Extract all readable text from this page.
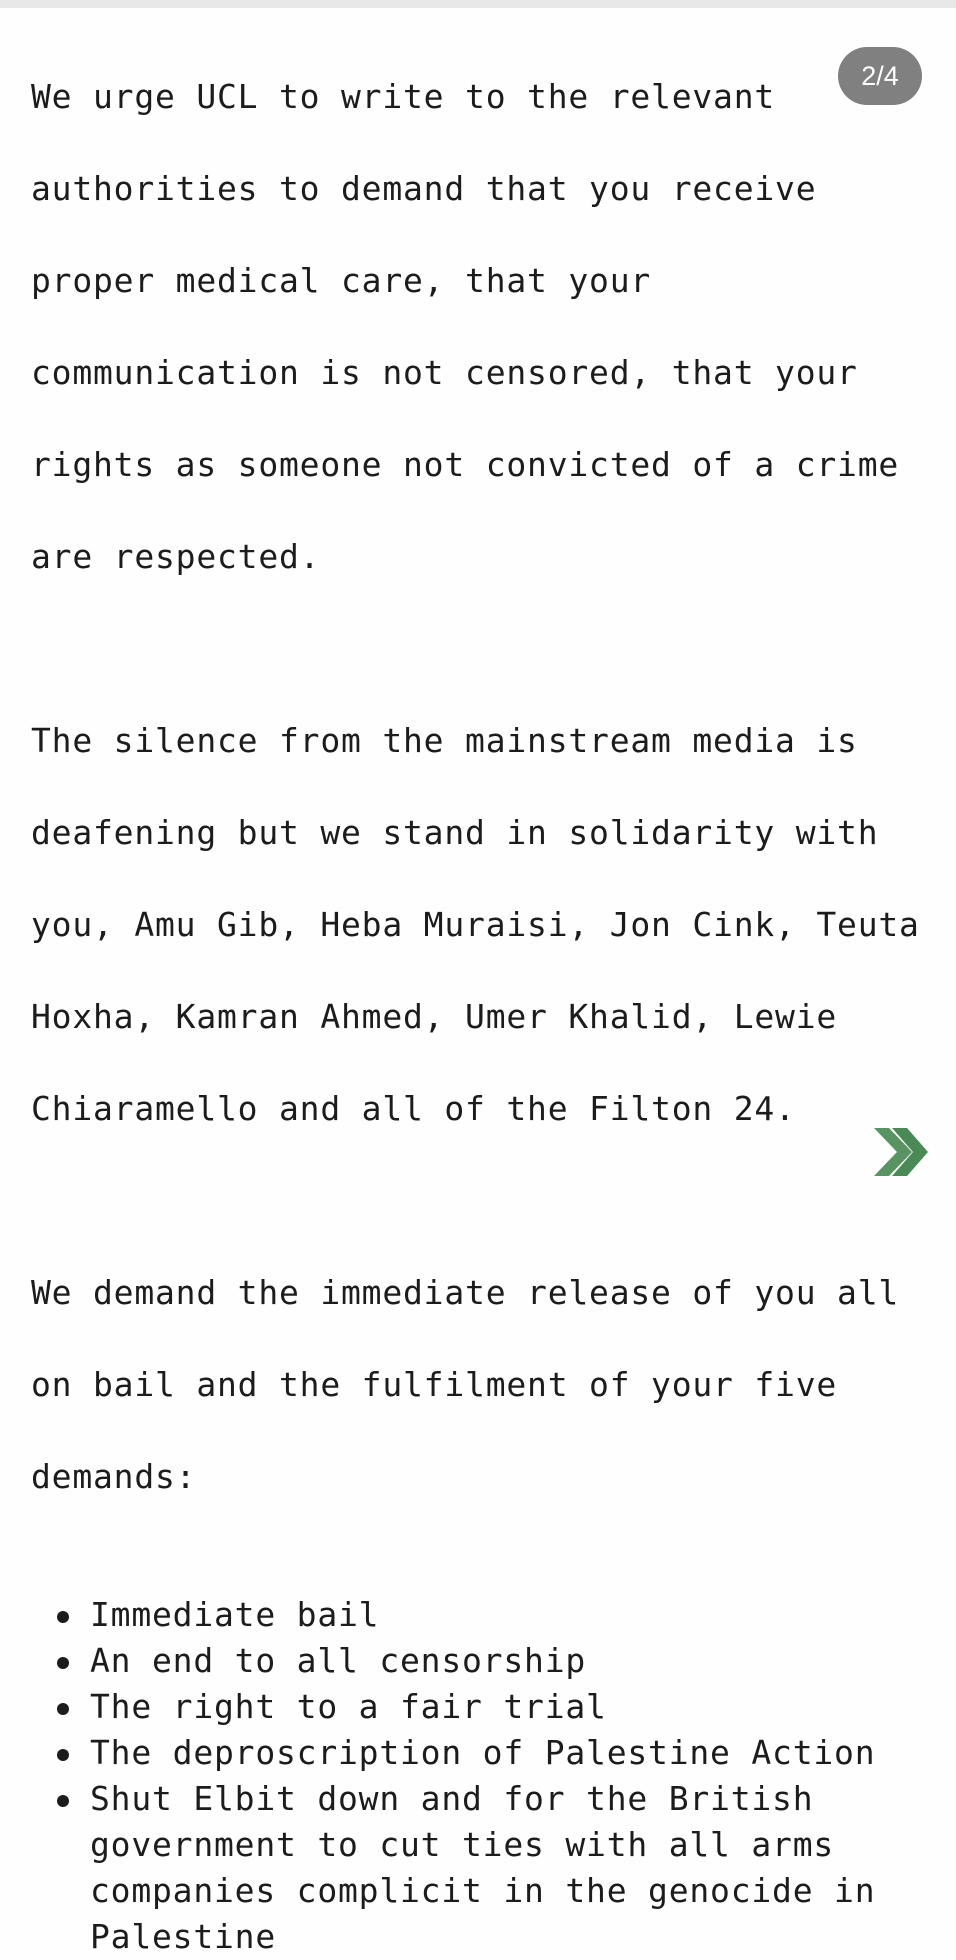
We urge UCL to write to the relevant

authorities to demand that you receive

proper medical care, that your

communication is not censored, that your

rights as someone not convicted of a crime

are respected.

The silence from the mainstream media is

deafening but we stand in solidarity with

you, Amu Gib, Heba Muraisi, Jon Cink, Teuta

Hoxha, Kamran Ahmed, Umer Khalid, Lewie

Chiaramello and all of the Filton 24.

We demand the immediate release of you all

on bail and the fulfilment of your five

demands:

Immediate bail
An end to all censorship
The right to a fair trial
The deproscription of Palestine Action
Shut Elbit down and for the British
government to cut ties with all arms
companies complicit in the genocide in
Palestine
2/4
